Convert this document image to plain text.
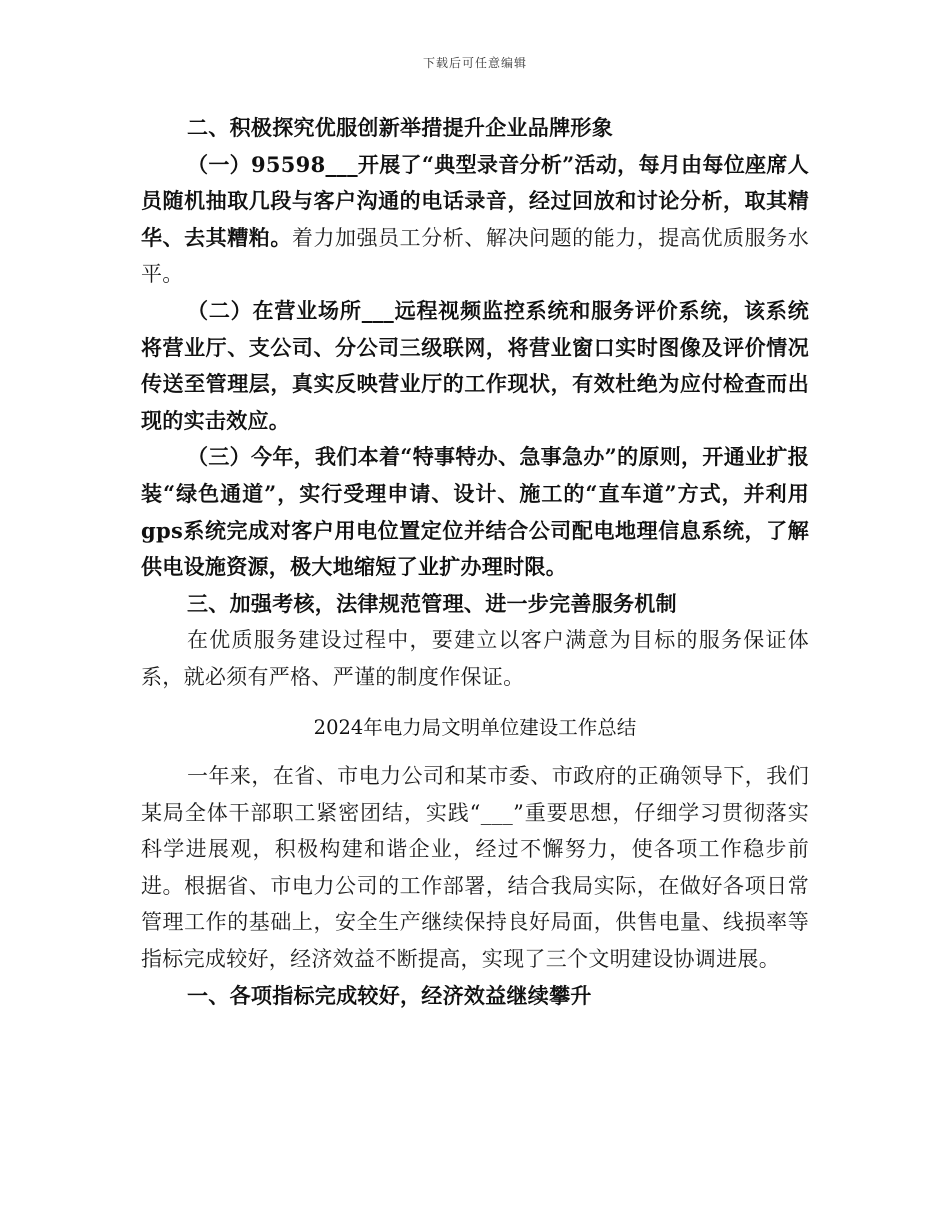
下载后可任意编辑

二、积极探究优服创新举措提升企业品牌形象

（一）95598___开展了“典型录音分析”活动，每月由每位座席人员随机抽取几段与客户沟通的电话录音，经过回放和讨论分析，取其精华、去其糟粕。着力加强员工分析、解决问题的能力，提高优质服务水平。

（二）在营业场所___远程视频监控系统和服务评价系统，该系统将营业厅、支公司、分公司三级联网，将营业窗口实时图像及评价情况传送至管理层，真实反映营业厅的工作现状，有效杜绝为应付检查而出现的实击效应。

（三）今年，我们本着“特事特办、急事急办”的原则，开通业扩报装“绿色通道”，实行受理申请、设计、施工的“直车道”方式，并利用gps系统完成对客户用电位置定位并结合公司配电地理信息系统，了解供电设施资源，极大地缩短了业扩办理时限。

三、加强考核，法律规范管理、进一步完善服务机制

在优质服务建设过程中，要建立以客户满意为目标的服务保证体系，就必须有严格、严谨的制度作保证。

2024年电力局文明单位建设工作总结

一年来，在省、市电力公司和某市委、市政府的正确领导下，我们某局全体干部职工紧密团结，实践“___”重要思想，仔细学习贯彻落实科学进展观，积极构建和谐企业，经过不懈努力，使各项工作稳步前进。根据省、市电力公司的工作部署，结合我局实际，在做好各项日常管理工作的基础上，安全生产继续保持良好局面，供售电量、线损率等指标完成较好，经济效益不断提高，实现了三个文明建设协调进展。

一、各项指标完成较好，经济效益继续攀升
